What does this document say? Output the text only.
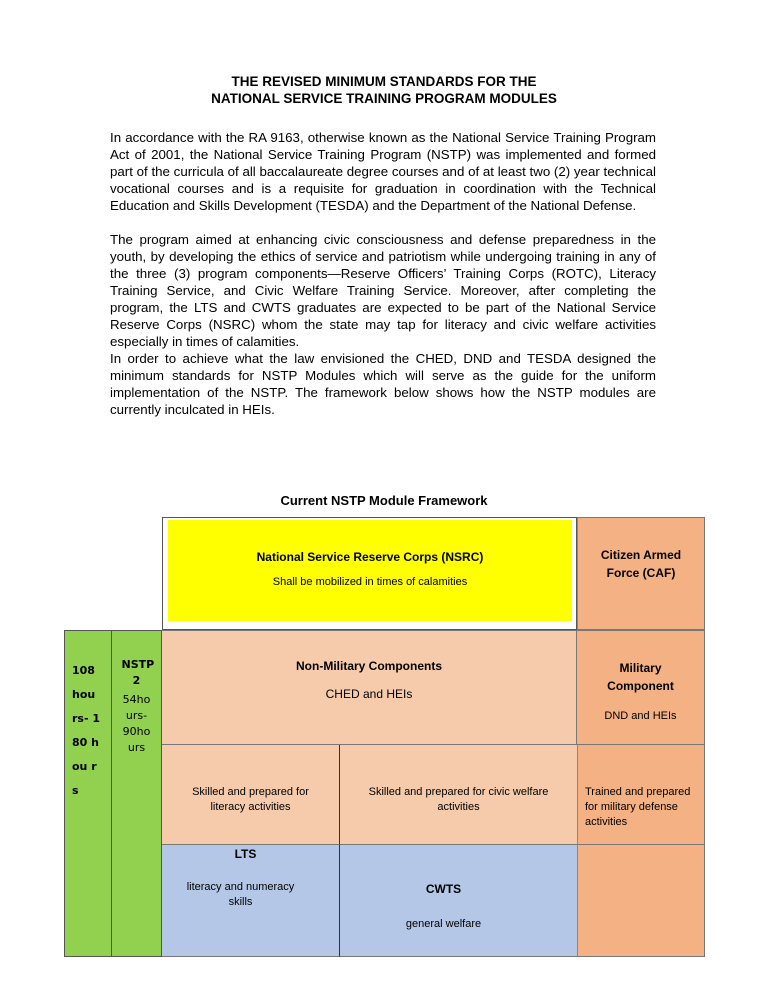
THE REVISED MINIMUM STANDARDS FOR THE
NATIONAL SERVICE TRAINING PROGRAM MODULES
In accordance with the RA 9163, otherwise known as the National Service Training Program Act of 2001, the National Service Training Program (NSTP) was implemented and formed part of the curricula of all baccalaureate degree courses and of at least two (2) year technical vocational courses and is a requisite for graduation in coordination with the Technical Education and Skills Development (TESDA) and the Department of the National Defense.
The program aimed at enhancing civic consciousness and defense preparedness in the youth, by developing the ethics of service and patriotism while undergoing training in any of the three (3) program components—Reserve Officers’ Training Corps (ROTC), Literacy Training Service, and Civic Welfare Training Service. Moreover, after completing the program, the LTS and CWTS graduates are expected to be part of the National Service Reserve Corps (NSRC) whom the state may tap for literacy and civic welfare activities especially in times of calamities.
In order to achieve what the law envisioned the CHED, DND and TESDA designed the minimum standards for NSTP Modules which will serve as the guide for the uniform implementation of the NSTP. The framework below shows how the NSTP modules are currently inculcated in HEIs.
Current NSTP Module Framework
National Service Reserve Corps (NSRC)
Shall be mobilized in times of calamities
Citizen Armed Force (CAF)
108 hou rs- 180 hou rs
NSTP 2
54ho urs- 90ho urs
Non-Military Components
CHED and HEIs
Military Component
DND and HEIs
Skilled and prepared for literacy activities
Skilled and prepared for civic welfare activities
Trained and prepared for military defense activities
LTS
literacy and numeracy skills
CWTS
general welfare
